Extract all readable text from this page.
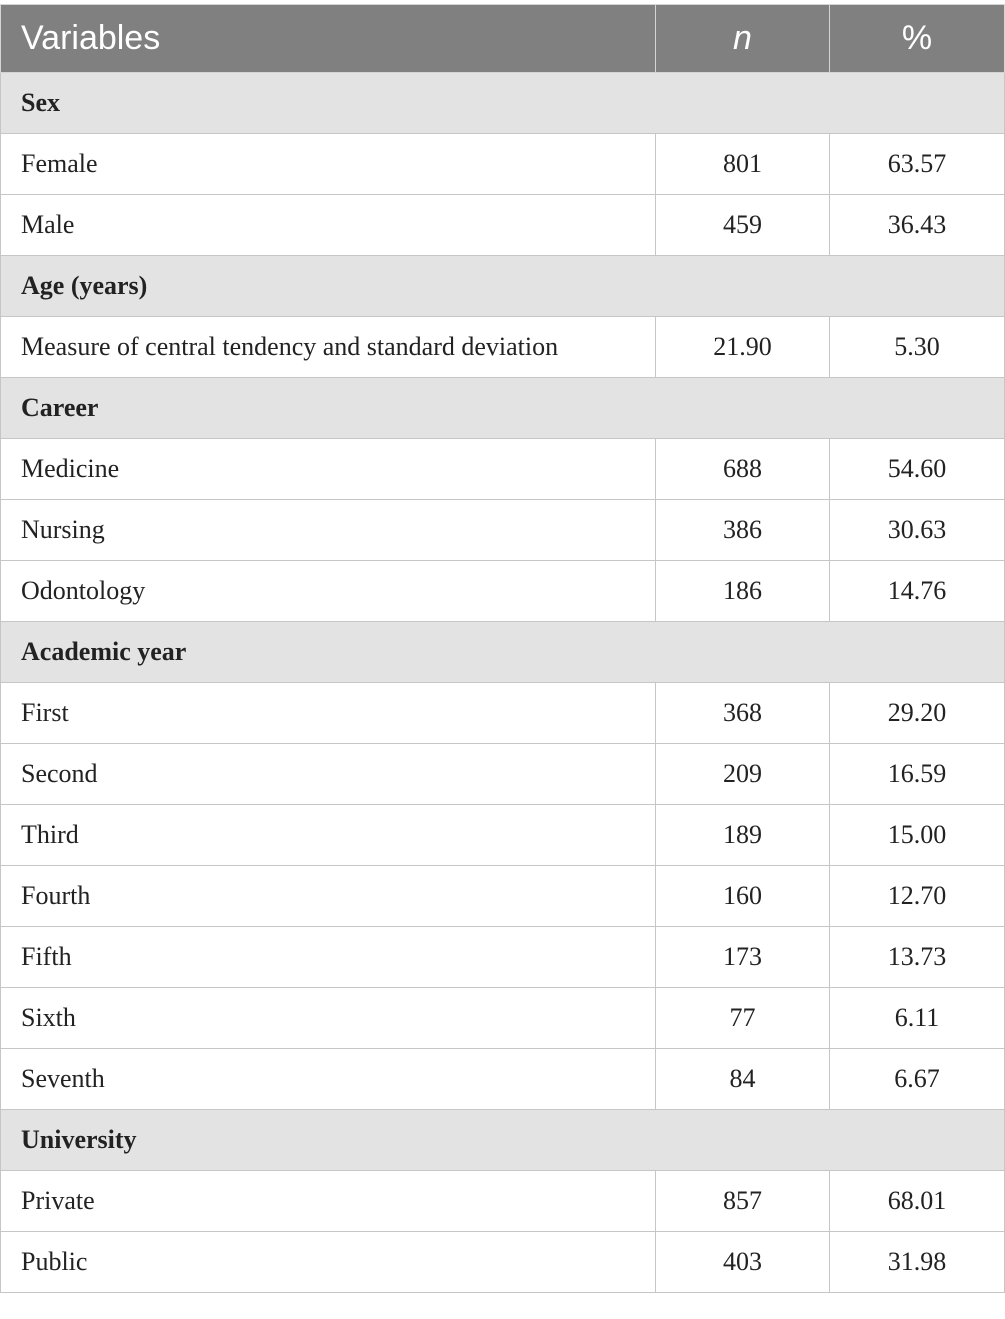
Variables	n	%
Sex		
Female	801	63.57
Male	459	36.43
Age (years)		
Measure of central tendency and standard deviation	21.90	5.30
Career		
Medicine	688	54.60
Nursing	386	30.63
Odontology	186	14.76
Academic year		
First	368	29.20
Second	209	16.59
Third	189	15.00
Fourth	160	12.70
Fifth	173	13.73
Sixth	77	6.11
Seventh	84	6.67
University		
Private	857	68.01
Public	403	31.98
